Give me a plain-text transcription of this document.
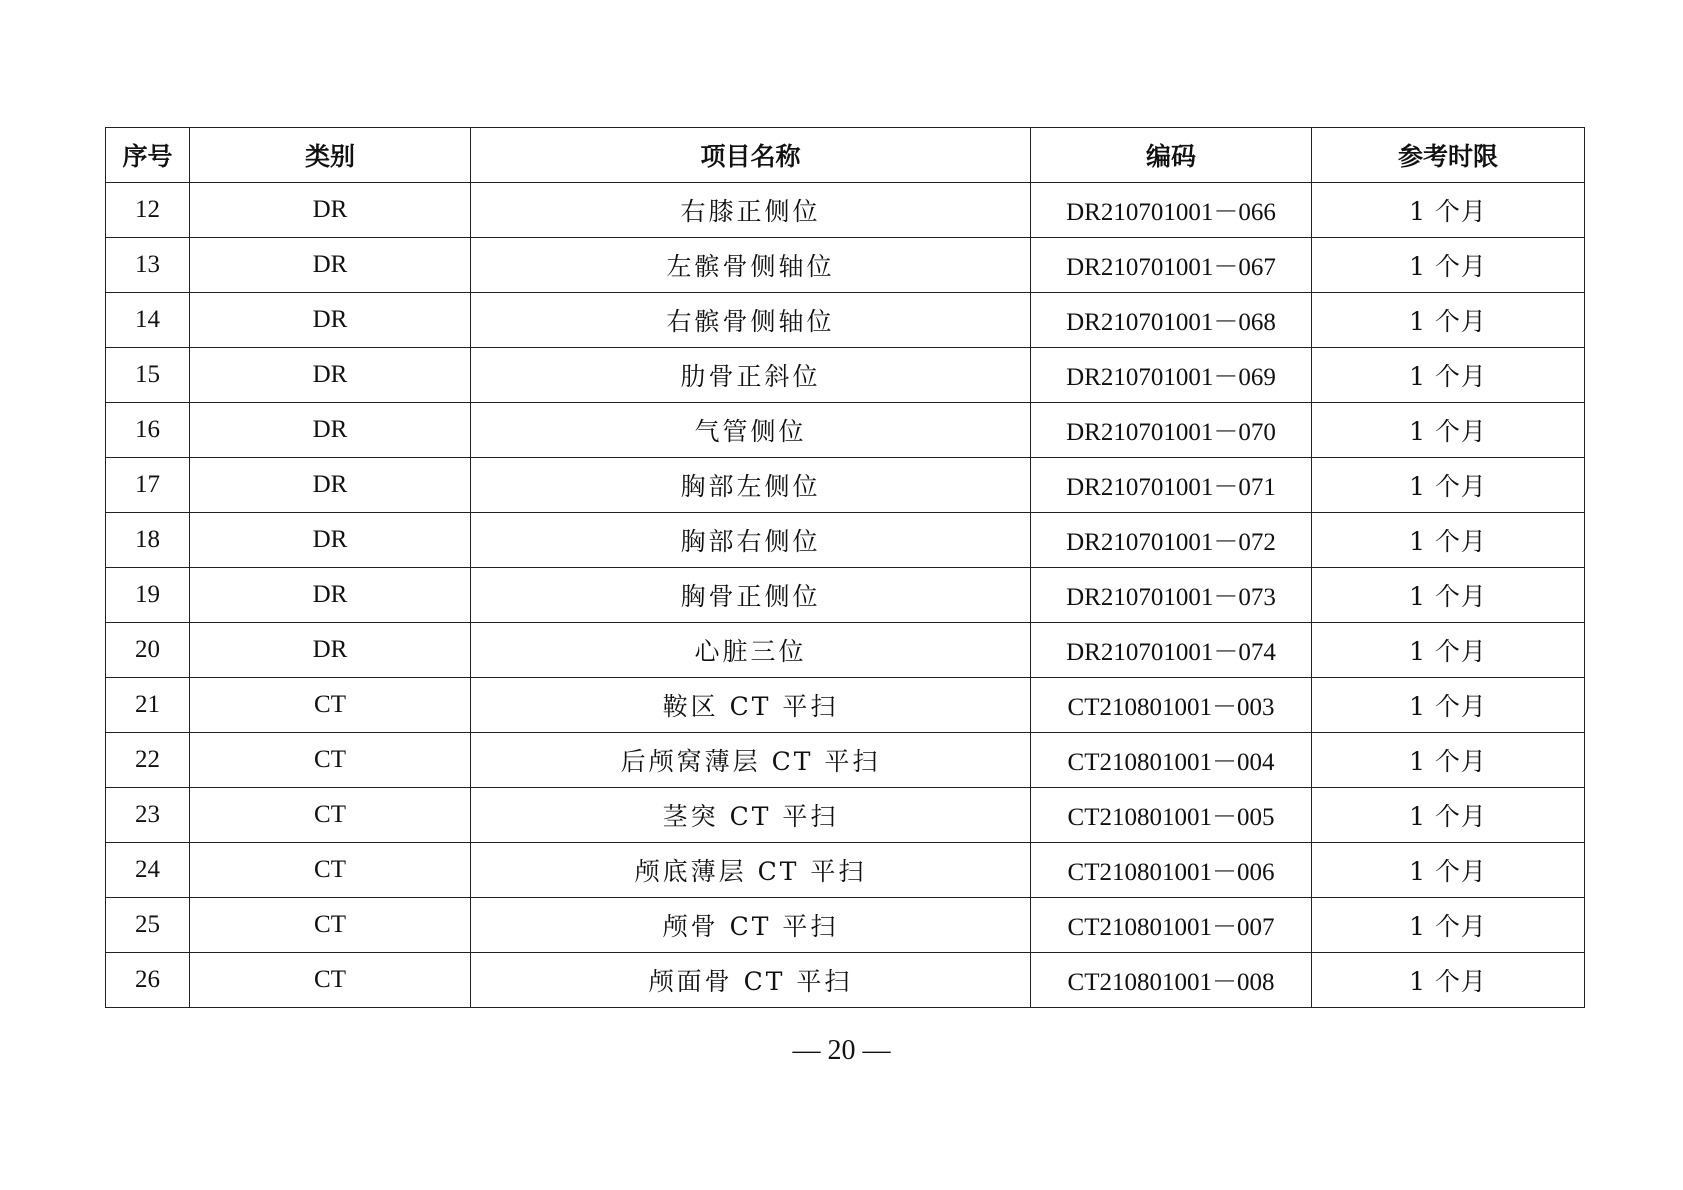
序号	类别	项目名称	编码	参考时限
12	DR	右膝正侧位	DR210701001－066	1 个月
13	DR	左髌骨侧轴位	DR210701001－067	1 个月
14	DR	右髌骨侧轴位	DR210701001－068	1 个月
15	DR	肋骨正斜位	DR210701001－069	1 个月
16	DR	气管侧位	DR210701001－070	1 个月
17	DR	胸部左侧位	DR210701001－071	1 个月
18	DR	胸部右侧位	DR210701001－072	1 个月
19	DR	胸骨正侧位	DR210701001－073	1 个月
20	DR	心脏三位	DR210701001－074	1 个月
21	CT	鞍区 CT 平扫	CT210801001－003	1 个月
22	CT	后颅窝薄层 CT 平扫	CT210801001－004	1 个月
23	CT	茎突 CT 平扫	CT210801001－005	1 个月
24	CT	颅底薄层 CT 平扫	CT210801001－006	1 个月
25	CT	颅骨 CT 平扫	CT210801001－007	1 个月
26	CT	颅面骨 CT 平扫	CT210801001－008	1 个月
— 20 —
